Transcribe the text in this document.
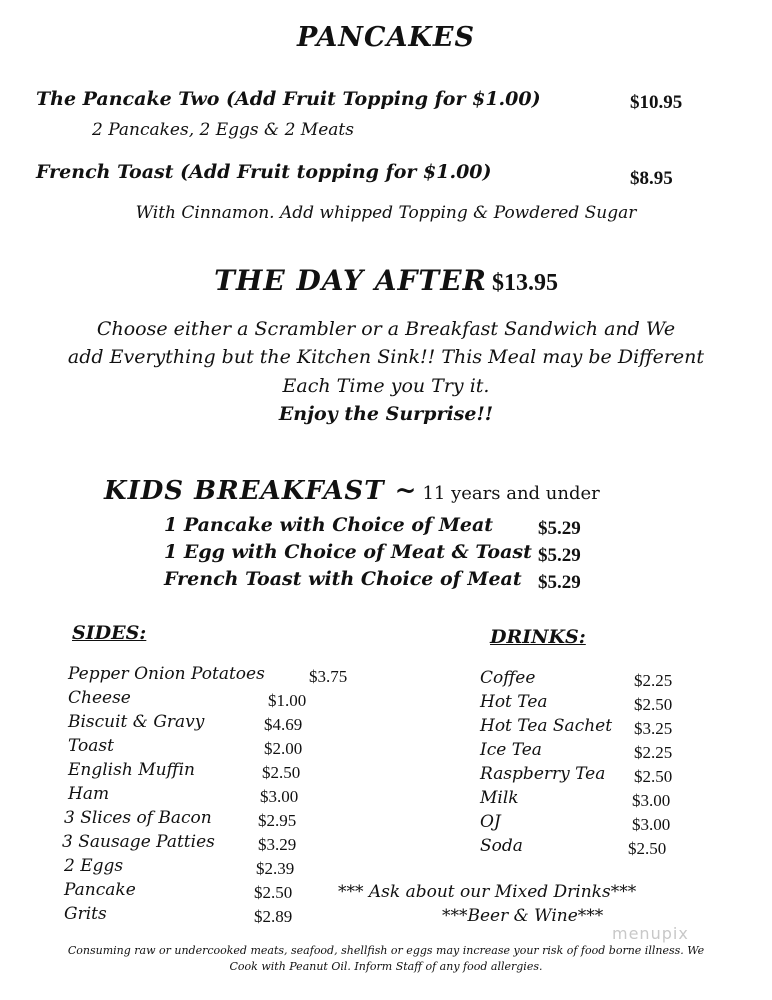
PANCAKES
The Pancake Two (Add Fruit Topping for $1.00)	$10.95
2 Pancakes, 2 Eggs & 2 Meats
French Toast (Add Fruit topping for $1.00)	$8.95
With Cinnamon. Add whipped Topping & Powdered Sugar
THE DAY AFTER $13.95
Choose either a Scrambler or a Breakfast Sandwich and We
add Everything but the Kitchen Sink!! This Meal may be Different
Each Time you Try it.
Enjoy the Surprise!!
KIDS BREAKFAST ~ 11 years and under
1 Pancake with Choice of Meat $5.29
1 Egg with Choice of Meat & Toast $5.29
French Toast with Choice of Meat $5.29
SIDES:
Pepper Onion Potatoes	$3.75
Cheese	$1.00
Biscuit & Gravy	$4.69
Toast	$2.00
English Muffin	$2.50
Ham	$3.00
3 Slices of Bacon	$2.95
3 Sausage Patties	$3.29
2 Eggs	$2.39
Pancake	$2.50
Grits	$2.89
DRINKS:
Coffee	$2.25
Hot Tea	$2.50
Hot Tea Sachet $3.25
Ice Tea	$2.25
Raspberry Tea $2.50
Milk	$3.00
OJ	$3.00
Soda	$2.50
*** Ask about our Mixed Drinks***
***Beer & Wine***
menupix
Consuming raw or undercooked meats, seafood, shellfish or eggs may increase your risk of food borne illness. We
Cook with Peanut Oil. Inform Staff of any food allergies.
